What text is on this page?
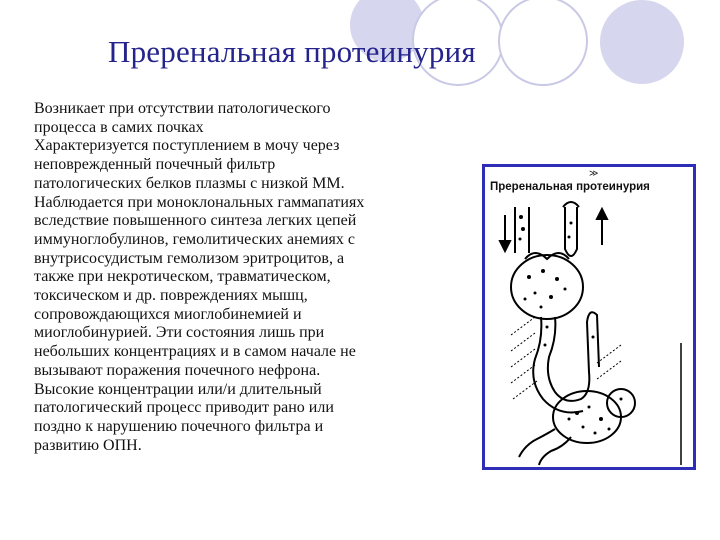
Преренальная протеинурия
Возникает при отсутствии патологического
процесса в самих почках
Характеризуется поступлением в мочу через
неповрежденный почечный фильтр
патологических белков плазмы с низкой ММ.
Наблюдается при моноклональных гаммапатиях
вследствие повышенного синтеза легких цепей
иммуноглобулинов, гемолитических анемиях с
внутрисосудистым гемолизом эритроцитов, а
также при некротическом, травматическом,
токсическом и др. повреждениях мышц,
сопровождающихся миоглобинемией и
миоглобинурией. Эти состояния лишь при
небольших концентрациях и в самом начале не
вызывают поражения почечного нефрона.
Высокие концентрации или/и длительный
патологический процесс приводит рано или
поздно к нарушению почечного фильтра и
развитию ОПН.
≫
Преренальная протеинурия
